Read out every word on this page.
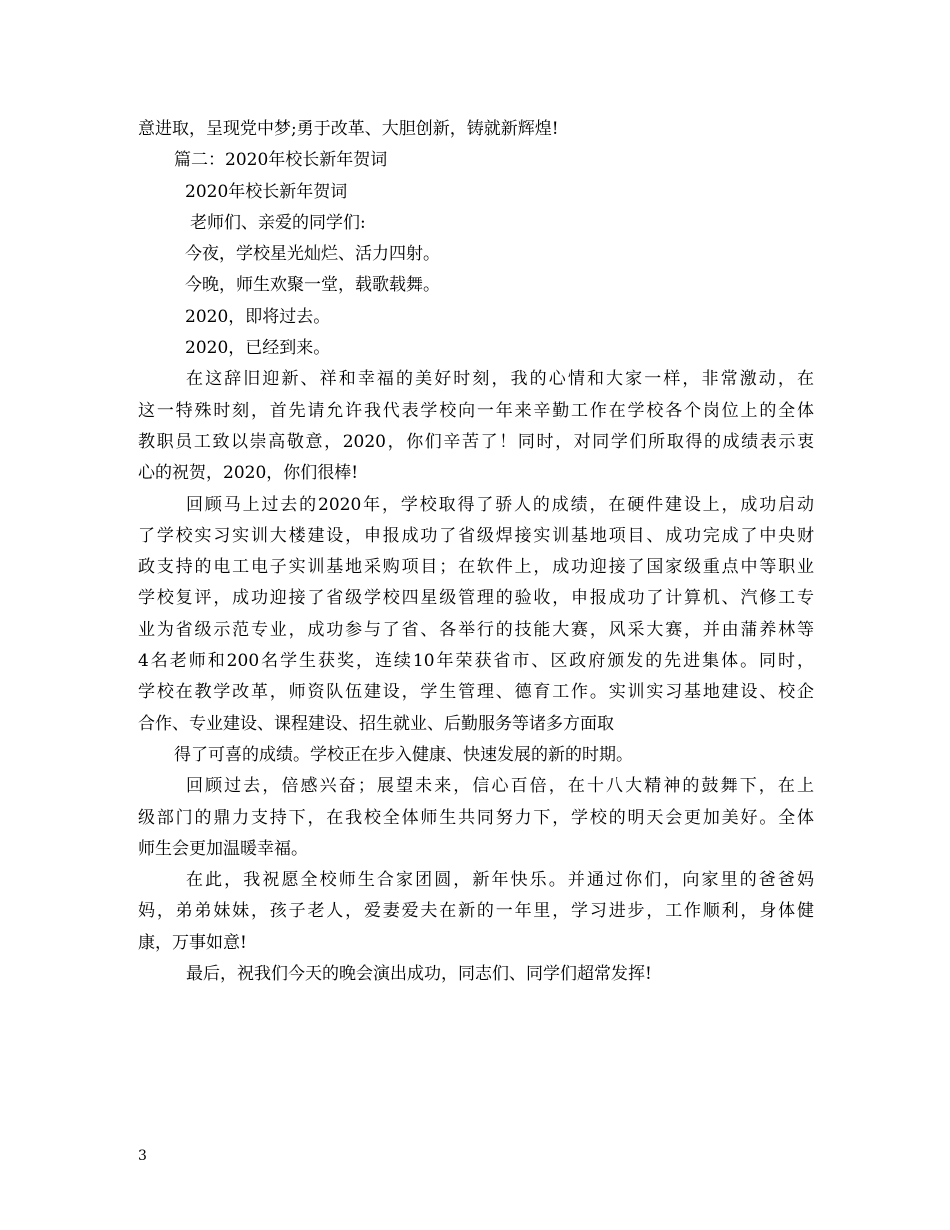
意进取，呈现党中梦;勇于改革、大胆创新，铸就新辉煌!
篇二：2020年校长新年贺词
2020年校长新年贺词
老师们、亲爱的同学们:
今夜，学校星光灿烂、活力四射。
今晚，师生欢聚一堂，载歌载舞。
2020，即将过去。
2020，已经到来。
在这辞旧迎新、祥和幸福的美好时刻，我的心情和大家一样，非常激动，在
这一特殊时刻，首先请允许我代表学校向一年来辛勤工作在学校各个岗位上的全体
教职员工致以崇高敬意，2020，你们辛苦了！同时，对同学们所取得的成绩表示衷
心的祝贺，2020，你们很棒!
回顾马上过去的2020年，学校取得了骄人的成绩，在硬件建设上，成功启动
了学校实习实训大楼建设，申报成功了省级焊接实训基地项目、成功完成了中央财
政支持的电工电子实训基地采购项目；在软件上，成功迎接了国家级重点中等职业
学校复评，成功迎接了省级学校四星级管理的验收，申报成功了计算机、汽修工专
业为省级示范专业，成功参与了省、各举行的技能大赛，风采大赛，并由蒲养林等
4名老师和200名学生获奖，连续10年荣获省市、区政府颁发的先进集体。同时，
学校在教学改革，师资队伍建设，学生管理、德育工作。实训实习基地建设、校企
合作、专业建设、课程建设、招生就业、后勤服务等诸多方面取
得了可喜的成绩。学校正在步入健康、快速发展的新的时期。
回顾过去，倍感兴奋；展望未来，信心百倍，在十八大精神的鼓舞下，在上
级部门的鼎力支持下，在我校全体师生共同努力下，学校的明天会更加美好。全体
师生会更加温暖幸福。
在此，我祝愿全校师生合家团圆，新年快乐。并通过你们，向家里的爸爸妈
妈，弟弟妹妹，孩子老人，爱妻爱夫在新的一年里，学习进步，工作顺利，身体健
康，万事如意!
最后，祝我们今天的晚会演出成功，同志们、同学们超常发挥!
3
